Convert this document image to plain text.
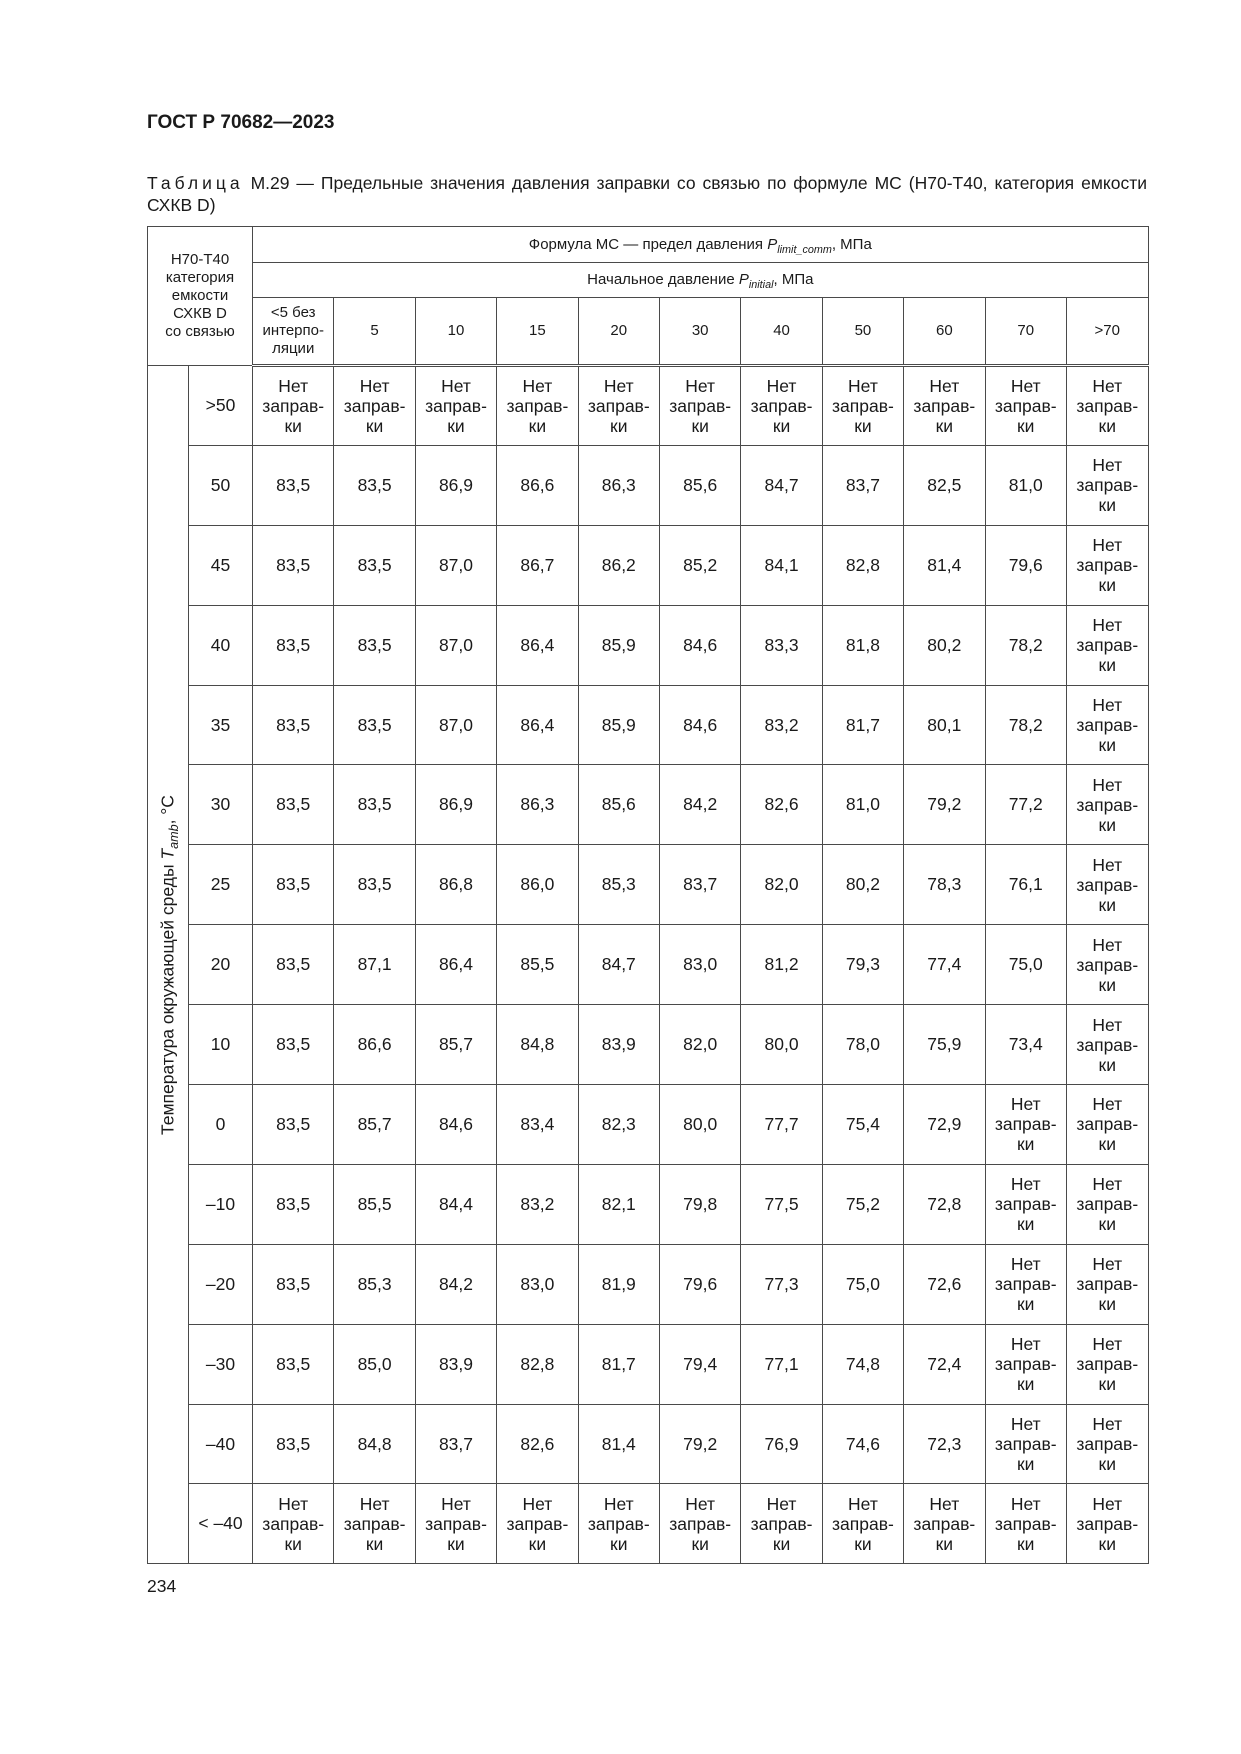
ГОСТ Р 70682—2023
Таблица М.29 — Предельные значения давления заправки со связью по формуле МС (Н70-Т40, категория емкости СХКВ D)
Н70-Т40
категория
емкости
СХКВ D
со связью		Формула МС — предел давления $P_{limit\_comm}$, МПа										
		Начальное давление $P_{initial}$, МПа										
		<5 без
интерпо-
ляции	5	10	15	20	30	40	50	60	70	>70

Температура окружающей среды $T_{amb}$, °С	>50	Нет
заправ-
ки	Нет
заправ-
ки	Нет
заправ-
ки	Нет
заправ-
ки	Нет
заправ-
ки	Нет
заправ-
ки	Нет
заправ-
ки	Нет
заправ-
ки	Нет
заправ-
ки	Нет
заправ-
ки	Нет
заправ-
ки
	50	83,5	83,5	86,9	86,6	86,3	85,6	84,7	83,7	82,5	81,0	Нет
заправ-
ки
	45	83,5	83,5	87,0	86,7	86,2	85,2	84,1	82,8	81,4	79,6	Нет
заправ-
ки
	40	83,5	83,5	87,0	86,4	85,9	84,6	83,3	81,8	80,2	78,2	Нет
заправ-
ки
	35	83,5	83,5	87,0	86,4	85,9	84,6	83,2	81,7	80,1	78,2	Нет
заправ-
ки
	30	83,5	83,5	86,9	86,3	85,6	84,2	82,6	81,0	79,2	77,2	Нет
заправ-
ки
	25	83,5	83,5	86,8	86,0	85,3	83,7	82,0	80,2	78,3	76,1	Нет
заправ-
ки
	20	83,5	87,1	86,4	85,5	84,7	83,0	81,2	79,3	77,4	75,0	Нет
заправ-
ки
	10	83,5	86,6	85,7	84,8	83,9	82,0	80,0	78,0	75,9	73,4	Нет
заправ-
ки
	0	83,5	85,7	84,6	83,4	82,3	80,0	77,7	75,4	72,9	Нет
заправ-
ки	Нет
заправ-
ки
	–10	83,5	85,5	84,4	83,2	82,1	79,8	77,5	75,2	72,8	Нет
заправ-
ки	Нет
заправ-
ки
	–20	83,5	85,3	84,2	83,0	81,9	79,6	77,3	75,0	72,6	Нет
заправ-
ки	Нет
заправ-
ки
	–30	83,5	85,0	83,9	82,8	81,7	79,4	77,1	74,8	72,4	Нет
заправ-
ки	Нет
заправ-
ки
	–40	83,5	84,8	83,7	82,6	81,4	79,2	76,9	74,6	72,3	Нет
заправ-
ки	Нет
заправ-
ки
	< –40	Нет
заправ-
ки	Нет
заправ-
ки	Нет
заправ-
ки	Нет
заправ-
ки	Нет
заправ-
ки	Нет
заправ-
ки	Нет
заправ-
ки	Нет
заправ-
ки	Нет
заправ-
ки	Нет
заправ-
ки	Нет
заправ-
ки
234
